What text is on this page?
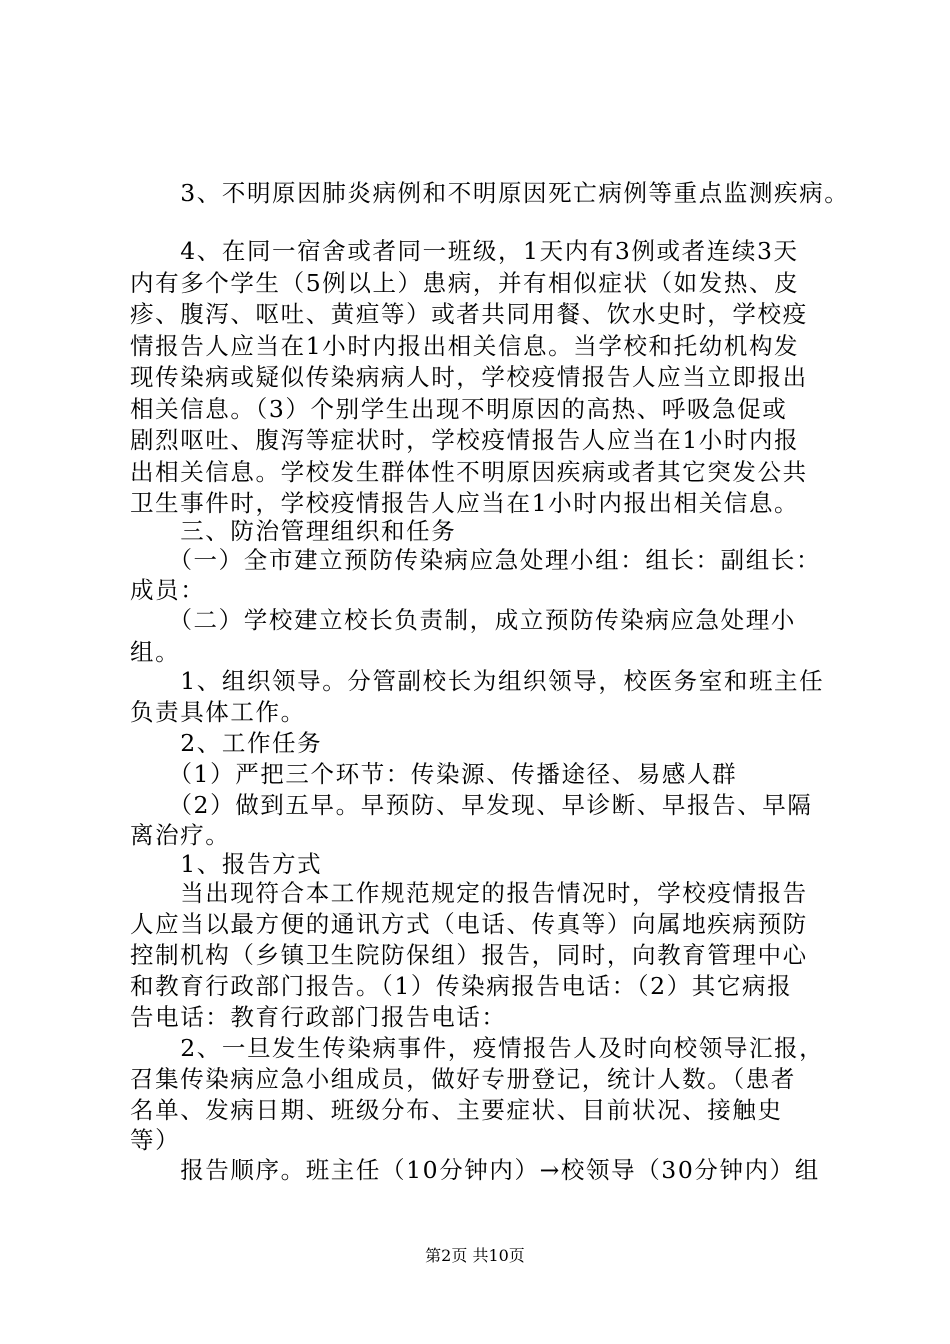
　　3、不明原因肺炎病例和不明原因死亡病例等重点监测疾病。
　　4、在同一宿舍或者同一班级，1天内有3例或者连续3天
内有多个学生（5例以上）患病，并有相似症状（如发热、皮
疹、腹泻、呕吐、黄疸等）或者共同用餐、饮水史时，学校疫
情报告人应当在1小时内报出相关信息。当学校和托幼机构发
现传染病或疑似传染病病人时，学校疫情报告人应当立即报出
相关信息。（3）个别学生出现不明原因的高热、呼吸急促或
剧烈呕吐、腹泻等症状时，学校疫情报告人应当在1小时内报
出相关信息。学校发生群体性不明原因疾病或者其它突发公共
卫生事件时，学校疫情报告人应当在1小时内报出相关信息。
　　三、防治管理组织和任务
　　（一）全市建立预防传染病应急处理小组：组长：副组长：
成员：
　　（二）学校建立校长负责制，成立预防传染病应急处理小
组。
　　1、组织领导。分管副校长为组织领导，校医务室和班主任
负责具体工作。
　　2、工作任务
　　（1）严把三个环节：传染源、传播途径、易感人群
　　（2）做到五早。早预防、早发现、早诊断、早报告、早隔
离治疗。
　　1、报告方式
　　当出现符合本工作规范规定的报告情况时，学校疫情报告
人应当以最方便的通讯方式（电话、传真等）向属地疾病预防
控制机构（乡镇卫生院防保组）报告，同时，向教育管理中心
和教育行政部门报告。（1）传染病报告电话：（2）其它病报
告电话：教育行政部门报告电话：
　　2、一旦发生传染病事件，疫情报告人及时向校领导汇报，
召集传染病应急小组成员，做好专册登记，统计人数。（患者
名单、发病日期、班级分布、主要症状、目前状况、接触史
等）
　　报告顺序。班主任（10分钟内）→校领导（30分钟内）组
第2页 共10页
